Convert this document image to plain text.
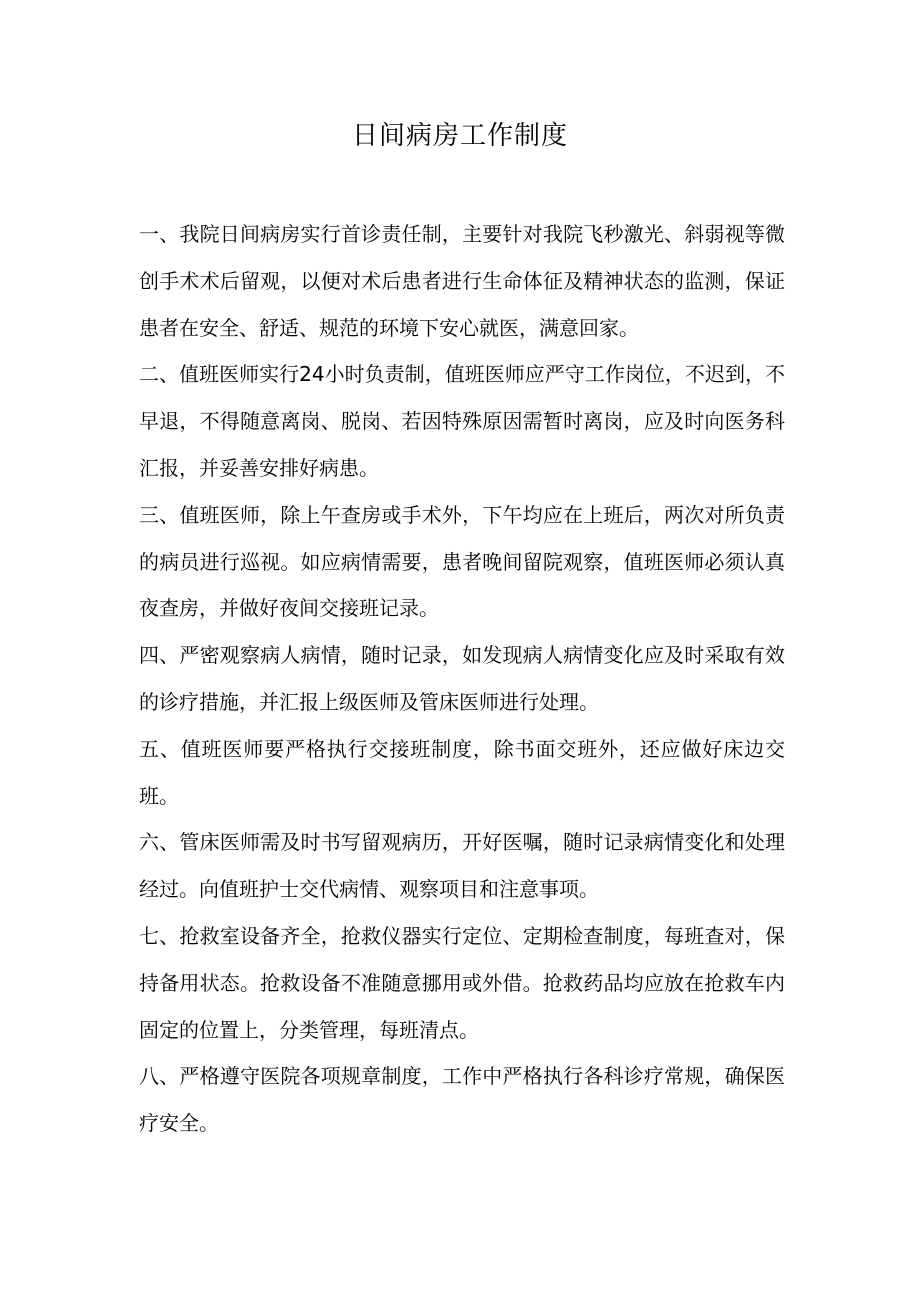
日间病房工作制度

一、我院日间病房实行首诊责任制，主要针对我院飞秒激光、斜弱视等微创手术术后留观，以便对术后患者进行生命体征及精神状态的监测，保证患者在安全、舒适、规范的环境下安心就医，满意回家。

二、值班医师实行24小时负责制，值班医师应严守工作岗位，不迟到，不早退，不得随意离岗、脱岗、若因特殊原因需暂时离岗，应及时向医务科汇报，并妥善安排好病患。

三、值班医师，除上午查房或手术外，下午均应在上班后，两次对所负责的病员进行巡视。如应病情需要，患者晚间留院观察，值班医师必须认真夜查房，并做好夜间交接班记录。

四、严密观察病人病情，随时记录，如发现病人病情变化应及时采取有效的诊疗措施，并汇报上级医师及管床医师进行处理。

五、值班医师要严格执行交接班制度，除书面交班外，还应做好床边交班。

六、管床医师需及时书写留观病历，开好医嘱，随时记录病情变化和处理经过。向值班护士交代病情、观察项目和注意事项。

七、抢救室设备齐全，抢救仪器实行定位、定期检查制度，每班查对，保持备用状态。抢救设备不准随意挪用或外借。抢救药品均应放在抢救车内固定的位置上，分类管理，每班清点。

八、严格遵守医院各项规章制度，工作中严格执行各科诊疗常规，确保医疗安全。
